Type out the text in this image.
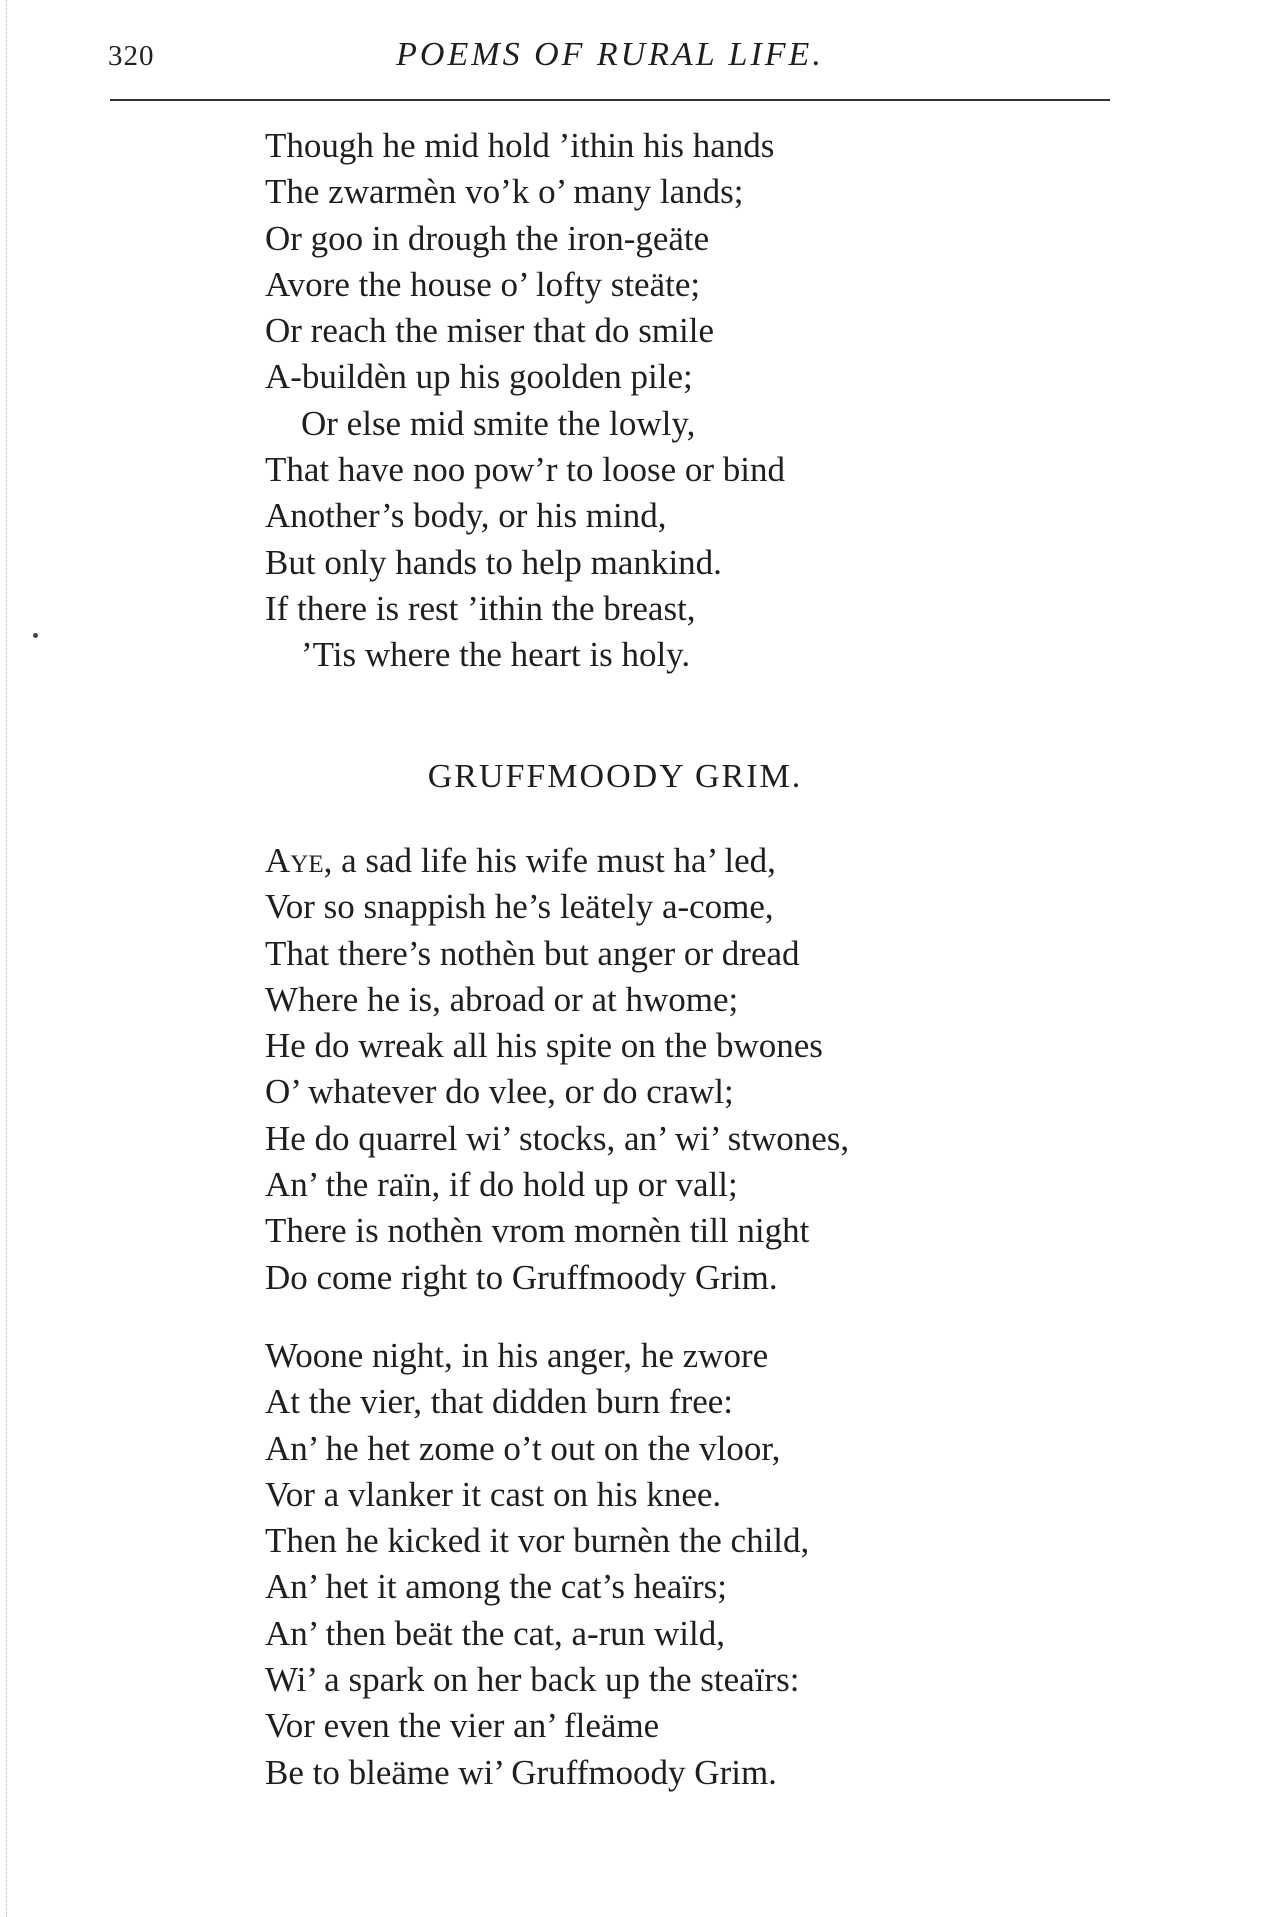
320	POEMS OF RURAL LIFE.
Though he mid hold ’ithin his hands
The zwarmèn vo’k o’ many lands;
Or goo in drough the iron-geäte
Avore the house o’ lofty steäte;
Or reach the miser that do smile
A-buildèn up his goolden pile;
Or else mid smite the lowly,
That have noo pow’r to loose or bind
Another’s body, or his mind,
But only hands to help mankind.
If there is rest ’ithin the breast,
’Tis where the heart is holy.
GRUFFMOODY GRIM.
Aye, a sad life his wife must ha’ led,
Vor so snappish he’s leätely a-come,
That there’s nothèn but anger or dread
Where he is, abroad or at hwome;
He do wreak all his spite on the bwones
O’ whatever do vlee, or do crawl;
He do quarrel wi’ stocks, an’ wi’ stwones,
An’ the raïn, if do hold up or vall;
There is nothèn vrom mornèn till night
Do come right to Gruffmoody Grim.
Woone night, in his anger, he zwore
At the vier, that didden burn free:
An’ he het zome o’t out on the vloor,
Vor a vlanker it cast on his knee.
Then he kicked it vor burnèn the child,
An’ het it among the cat’s heaïrs;
An’ then beät the cat, a-run wild,
Wi’ a spark on her back up the steaïrs:
Vor even the vier an’ fleäme
Be to bleäme wi’ Gruffmoody Grim.
